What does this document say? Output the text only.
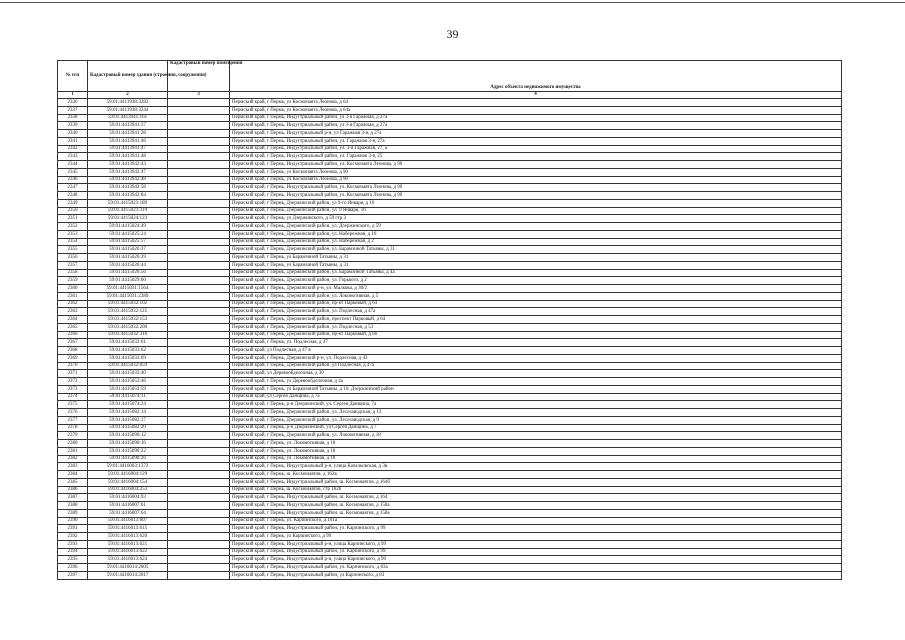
39
№ п/п	Кадастровый номер здания (строения, сооружения)	Кадастровый номер помещения	Адрес объекта недвижимого имущества
1	2	3	4
2336	59:01:4413938:3282		Пермский край, г Пермь, ул Космонавта Леонова, д 64
2337	59:01:4413938:3244		Пермский край, г Пермь, ул Космонавта Леонова, д 64а
2338	59:01:4413941:161		Пермский край, г Пермь, Индустриальный район, ул 3-я Гаражная, д 27а
2339	59:01:4413941:37		Пермский край, г Пермь, Индустриальный район, ул 3-я Гаражная, д 27а
2340	59:01:4413941:28		Пермский край, г Пермь, Индустриальный р-н, ул Гаражная 3-я, д 27а
2341	59:01:4413941:46		Пермский край, г Пермь, Индустриальный район, ул. Гаражная 3-я, 27а
2342	59:01:4413941:47		Пермский край, г Пермь, Индустриальный район, ул. 3-я Гаражная, 27, а
2343	59:01:4413941:48		Пермский край, г Пермь, Индустриальный район, ул. Гаражная 3-я, 25
2344	59:01:4413942:43		Пермский край, г Пермь, Индустриальный район, ул. Космонавта Леонова, д 90
2345	59:01:4413942:47		Пермский край, г Пермь, ул Космонавта Леонова, д 90
2346	59:01:4413942:48		Пермский край, г Пермь, ул Космонавта Леонова, д 90
2347	59:01:4413942:58		Пермский край, г Пермь, Индустриальный район, ул. Космонавта Леонова, д 90
2348	59:01:4413942:84		Пермский край, г Пермь, Индустриальный район, ул. Космонавта Леонова, д 90
2349	59:01:4415023:189		Пермский край, г Пермь, Дзержинский район, ул 9-го Января, д 16
2350	59:01:4415023:319		Пермский край, г Пермь, Дзержинский район, ул. 9 Января, 16
2351	59:01:4415024:123		Пермский край, г Пермь, ул Дзержинского, д 59 стр 2
2352	59:01:4415024:49		Пермский край, г Пермь, Дзержинский район, ул. Дзержинского, д 59
2353	59:01:4415025:24		Пермский край, г Пермь, Дзержинский район, ул. Набережная, д 10
2354	59:01:4415025:57		Пермский край, г Пермь, Дзержинский район, ул. Набережная, д 2
2355	59:01:4415026:37		Пермский край, г Пермь, Дзержинский район, ул. Барамзиной Татьяны, д 31
2356	59:01:4415026:39		Пермский край, г Пермь, ул Барамзиной Татьяны, д 31
2357	59:01:4415026:44		Пермский край, г Пермь, ул Барамзиной Татьяны, д 31
2358	59:01:4415026:56		Пермский край, г Пермь, Дзержинский район, ул. Барамзиной Татьяны, д 4а
2359	59:01:4415029:60		Пермский край, г Пермь, Дзержинский район, ул. Горького, д 2
2360	59:01:4415031:1564		Пермский край, г Пермь, Дзержинский р-н, ул. Малкова, д 30/2
2361	59:01:4415031:2389		Пермский край, г Пермь, Дзержинский район, ул. Локомотивная, д 5
2362	59:01:4415032:102		Пермский край, г Пермь, Дзержинский район, пр-кт Парковый, д 64
2363	59:01:4415032:125		Пермский край, г Пермь, Дзержинский район, ул. Подлесная, д 47а
2364	59:01:4415032:153		Пермский край, г Пермь, Дзержинский район, проспект Парковый, д 64
2365	59:01:4415032:206		Пермский край, г Пермь, Дзержинский район, ул. Подлесная, д 53
2366	59:01:4415032:316		Пермский край, г Пермь, Дзержинский район, пр-кт Парковый, д 66
2367	59:01:4415032:61		Пермский край, г Пермь, ул. Подлесная, д 47
2368	59:01:4415033:62		Пермский край, ул Подлесная, д 47 в
2369	59:01:4415032:69		Пермский край, г Пермь, Дзержинский р-н, ул. Подлесная, д 43
2370	59:01:4415032:859		Пермский край, г Пермь, Дзержинский район, ул Подлесная, д 47а
2371	59:01:4415033:40		Пермский край, ул Деревообделочная, д 30
2372	59:01:4415053:46		Пермский край, г Пермь, ул Деревообделочная, д 4а
2373	59:01:4415053:59		Пермский край, г Пермь, ул Барамзиной Татьяны, д 10, Дзержинский район
2374	59:01:4415074:11		Пермский край, ул Сергея Данщина, д 7а
2375	59:01:4415074:24		Пермский край, г Пермь, р-н Дзержинский, ул. Сергея Данщина, 7а
2376	59:01:4415082:14		Пермский край, г Пермь, Дзержинский район, ул. Лесозаводская, д 13
2377	59:01:4415082:17		Пермский край, г Пермь, Дзержинский район, ул. Лесозаводская, д 9
2378	59:01:4415082:20		Пермский край, г Пермь, р-н Дзержинский, ул Сергея Данщина, д 7
2379	59:01:4415090:12		Пермский край, г Пермь, Дзержинский район, ул. Локомотивная, д 18
2380	59:01:4415090:16		Пермский край, г Пермь, ул. Локомотивная, д 18
2381	59:01:4415090:22		Пермский край, г Пермь, ул. Локомотивная, д 18
2382	59:01:4415090:26		Пермский край, г Пермь, ул. Локомотивная, д 18
2383	59:01:4416003:1372		Пермский край, г Пермь, Индустриальный р-н, улица Качалковская, д 3в
2384	59:01:4416004:129		Пермский край, г Пермь, ш. Космонавтов, д 162в
2385	59:01:4416004:154		Пермский край, г Пермь, Индустриальный район, ш. Космонавтов, д 164б
2386	59:01:4416004:253		Пермский край, г Пермь, ш. Космонавтов, стр 162б
2387	59:01:4416004:93		Пермский край, г Пермь, Индустриальный район, ш. Космонавтов, д 164
2388	59:01:4416007:61		Пермский край, г Пермь, Индустриальный район, ш. Космонавтов, д 158а
2389	59:01:4416007:64		Пермский край, г Пермь, Индустриальный район, ш. Космонавтов, д 158а
2390	59:01:4416013:607		Пермский край, г Пермь, ул. Карпинского, д 101а
2391	59:01:4416013:615		Пермский край, г Пермь, Индустриальный район, ул. Карпинского, д 99
2392	59:01:4416013:620		Пермский край, г Пермь, ул Карпинского, д 99
2393	59:01:4416013:621		Пермский край, г Пермь, Индустриальный р-н, улица Карпинского, д 99
2394	59:01:4416013:622		Пермский край, г Пермь, Индустриальный район, ул. Карпинского, д 99
2395	59:01:4416013:624		Пермский край, г Пермь, Индустриальный р-н, улица Карпинского, д 99
2396	59:01:4416014:2005		Пермский край, г Пермь, Индустриальный район, ул. Карпинского, д 83а
2397	59:01:4416014:2017		Пермский край, г Пермь, Индустриальный район, ул Карпинского, д 83
